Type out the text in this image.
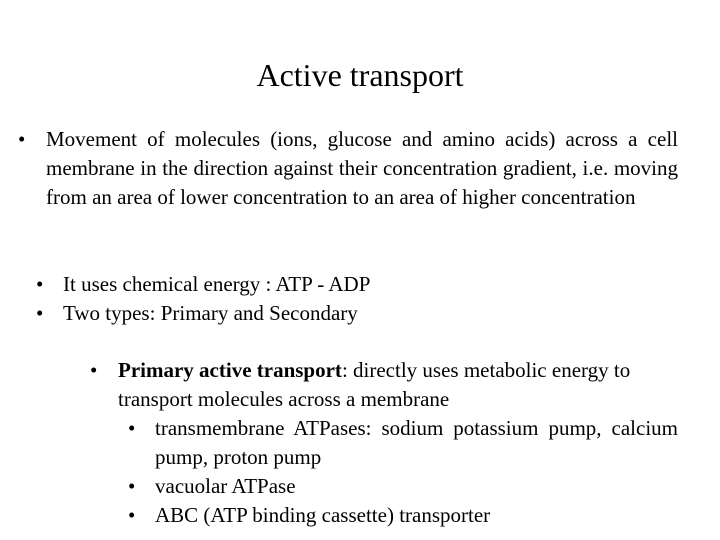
Active transport
• Movement of molecules (ions, glucose and amino acids) across a cell membrane in the direction against their concentration gradient, i.e. moving from an area of lower concentration to an area of higher concentration
• It uses chemical energy : ATP - ADP
• Two types: Primary and Secondary
• Primary active transport: directly uses metabolic energy to transport molecules across a membrane
• transmembrane ATPases: sodium potassium pump, calcium pump, proton pump
• vacuolar ATPase
• ABC (ATP binding cassette) transporter
